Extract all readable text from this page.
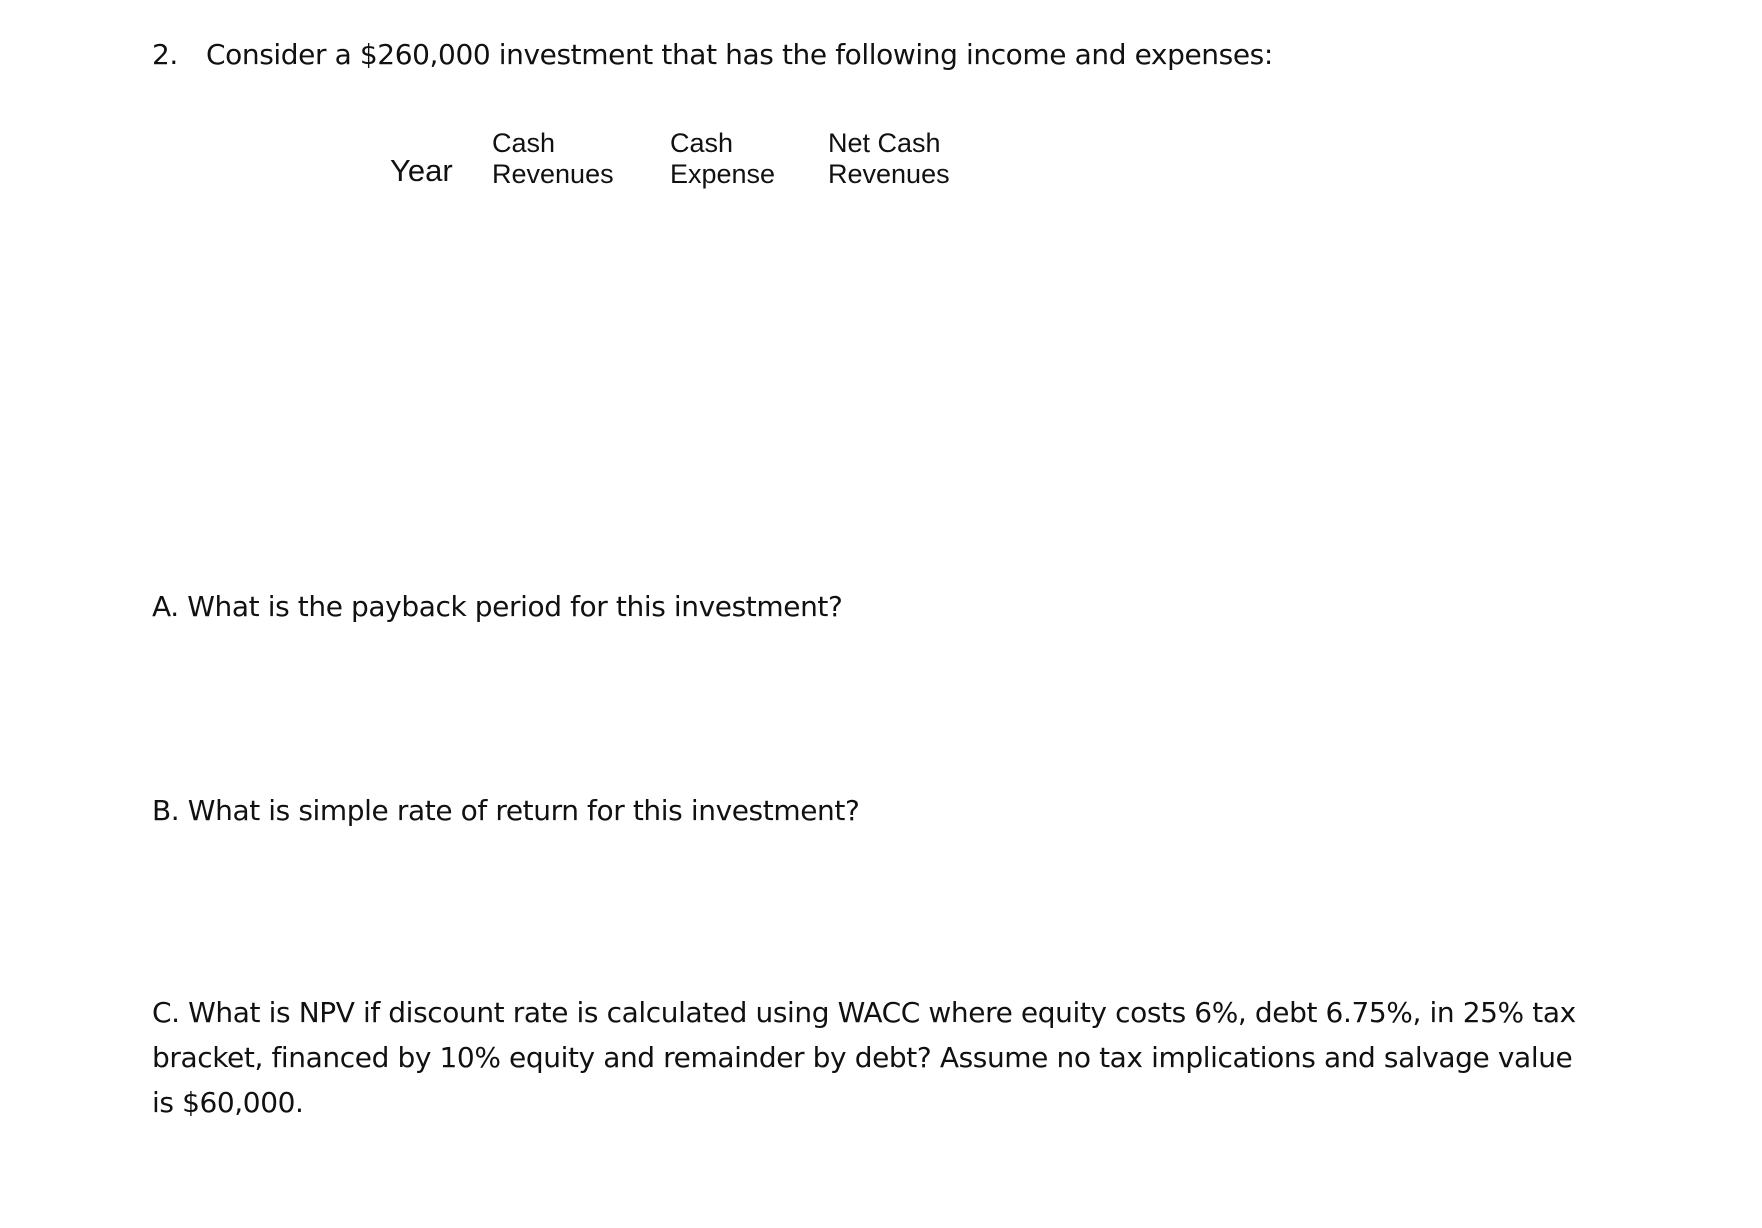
2. Consider a $260,000 investment that has the following income and expenses:
Cash
Revenues
Cash
Expense
Net Cash
Revenues
Year
A. What is the payback period for this investment?
B. What is simple rate of return for this investment?
C. What is NPV if discount rate is calculated using WACC where equity costs 6%, debt 6.75%, in 25% tax bracket, financed by 10% equity and remainder by debt? Assume no tax implications and salvage value is $60,000.
